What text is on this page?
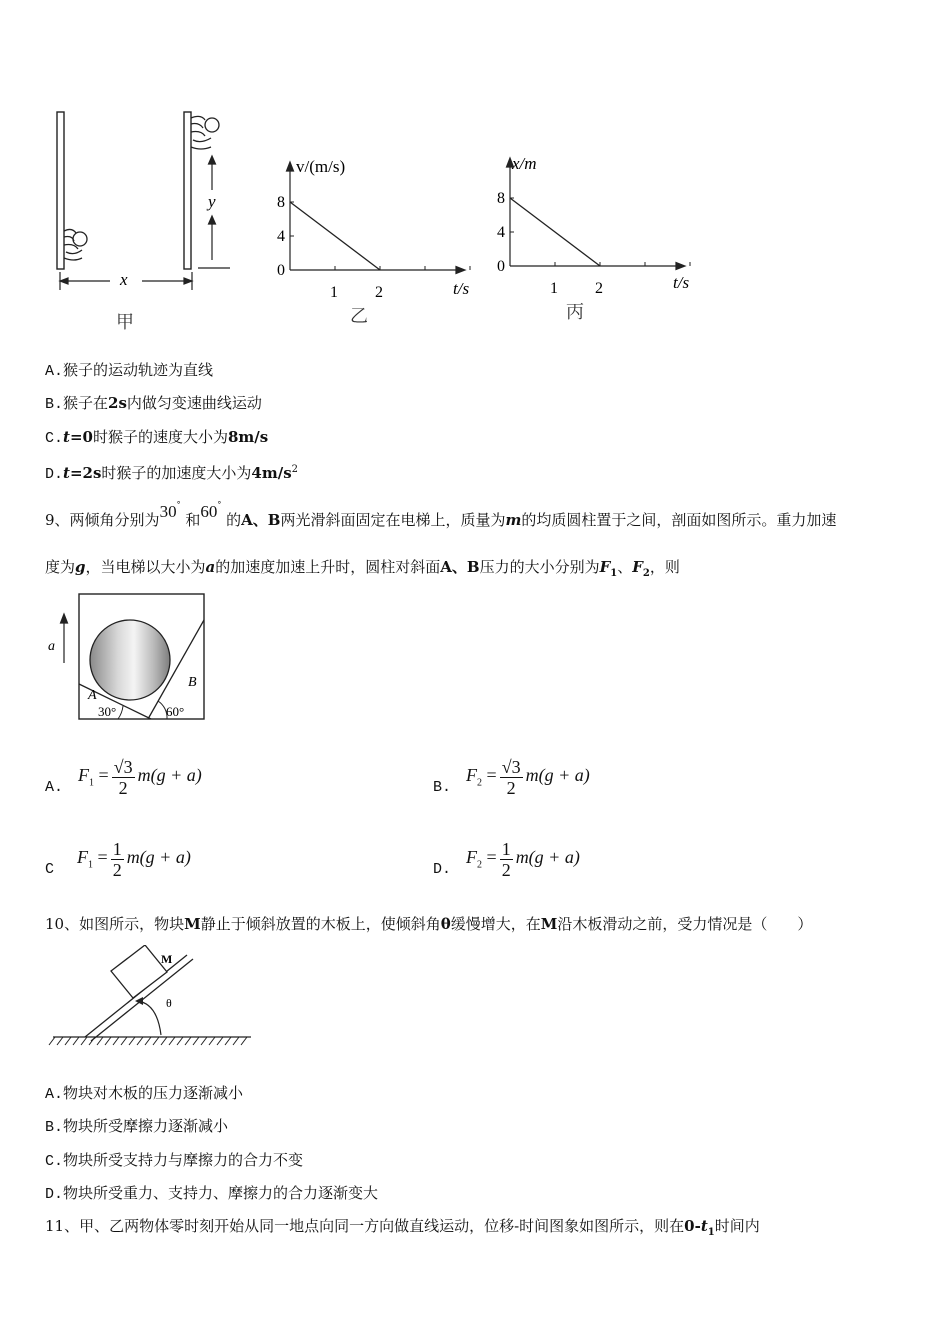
y
x
甲
v/(m/s)
t/s
8
4
0
1 2
乙
x/m
t/s
8
4
0
1 2
丙
A.猴子的运动轨迹为直线
B.猴子在2s内做匀变速曲线运动
C.t=0时猴子的速度大小为8m/s
D.t=2s时猴子的加速度大小为$4m/s^2$
9、两倾角分别为30° 和60° 的A、B两光滑斜面固定在电梯上，质量为m的均质圆柱置于之间，剖面如图所示。重力加速
度为g，当电梯以大小为a的加速度加速上升时，圆柱对斜面A、B压力的大小分别为$F_1$、$F_2$，则
a
A
B
30°	60°
A. $F_1 = \frac{√3}{2} m(g + a)$
B. $F_2 = \frac{√3}{2} m(g + a)$
C $F_1 = \frac{1}{2} m(g + a)$
D. $F_2 = \frac{1}{2} m(g + a)$
10、如图所示，物块M静止于倾斜放置的木板上，使倾斜角θ缓慢增大，在M沿木板滑动之前，受力情况是（　　）
M
θ
A.物块对木板的压力逐渐减小
B.物块所受摩擦力逐渐减小
C.物块所受支持力与摩擦力的合力不变
D.物块所受重力、支持力、摩擦力的合力逐渐变大
11、甲、乙两物体零时刻开始从同一地点向同一方向做直线运动，位移-时间图象如图所示，则在$0-t_1$时间内
